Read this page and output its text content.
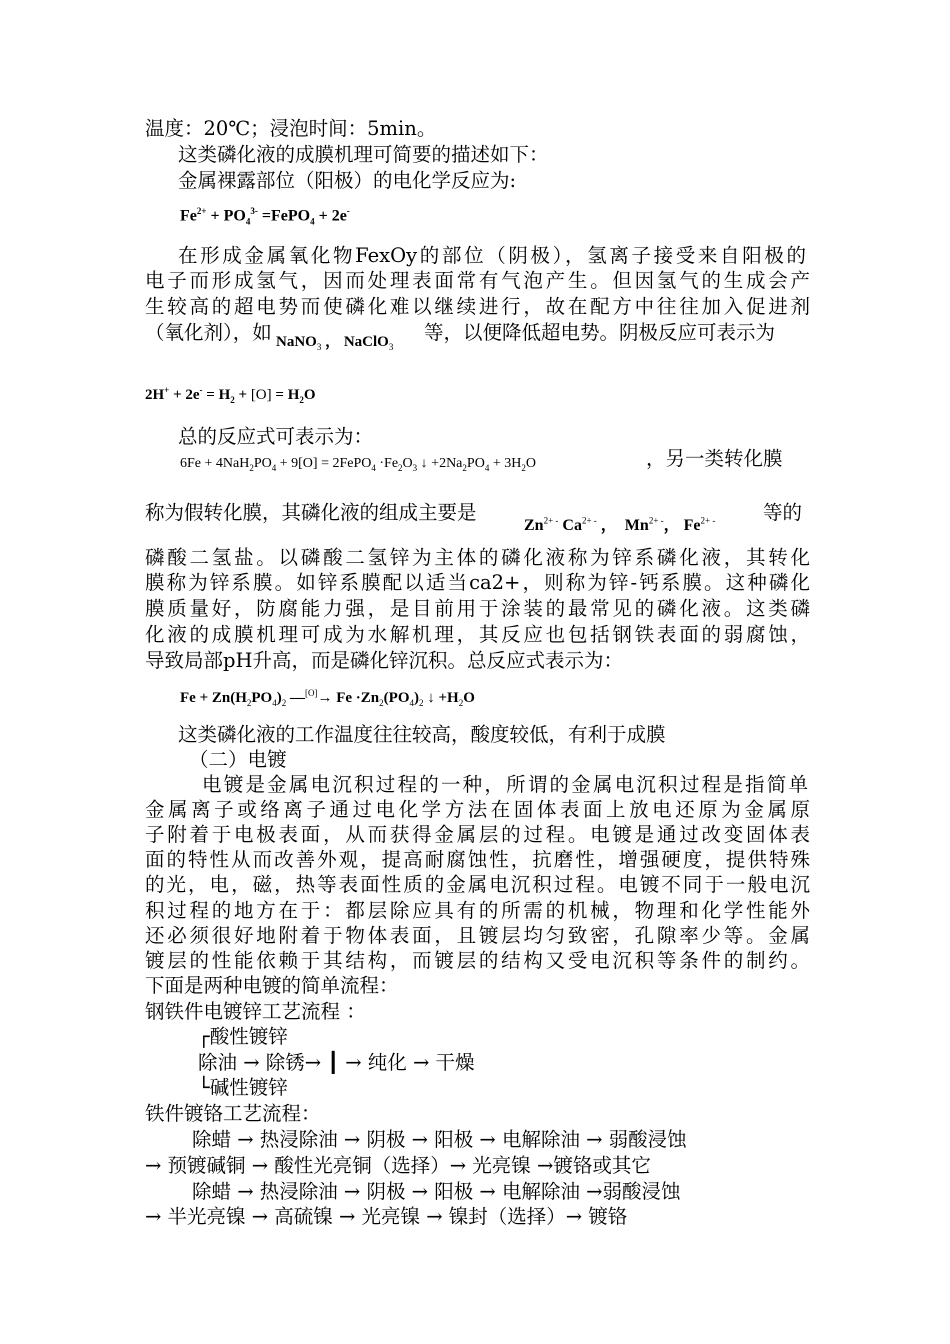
温度：20℃；浸泡时间：5min。
这类磷化液的成膜机理可简要的描述如下：
金属裸露部位（阳极）的电化学反应为:
$Fe^{2+} + PO_4^{3-}$ =FePO$_4$ + 2e-
在形成金属氧化物FexOy的部位（阴极），氢离子接受来自阳极的
电子而形成氢气，因而处理表面常有气泡产生。但因氢气的生成会产
生较高的超电势而使磷化难以继续进行，故在配方中往往加入促进剂
（氧化剂），如 NaNO$_3$ ， NaClO$_3$
等，以便降低超电势。阴极反应可表示为
$2H^+ + 2e^- = H_2 + [O] = H_2O$
总的反应式可表示为：
$6Fe + 4NaH_2PO_4 + 9[O]$ = 2FePO$_4$ $\cdot Fe_2O_3$ ↓ $+2Na_2PO_4 + 3H_2O$	，另一类转化膜
称为假转化膜，其磷化液的组成主要是
$Zn^{2+ -}$ $Ca^{2+ -}$ ，  $Mn^{2+ -}$， $Fe^{2+ -}$ 等的
磷酸二氢盐。以磷酸二氢锌为主体的磷化液称为锌系磷化液，其转化
膜称为锌系膜。如锌系膜配以适当ca2+，则称为锌-钙系膜。这种磷化
膜质量好，防腐能力强，是目前用于涂装的最常见的磷化液。这类磷
化液的成膜机理可成为水解机理，其反应也包括钢铁表面的弱腐蚀，
导致局部pH升高，而是磷化锌沉积。总反应式表示为：
$Fe + Zn(H_2PO_4)_2$ —[O]→ $Fe \cdot Zn_2(PO_4)_2$ ↓ $+H_2O$
这类磷化液的工作温度往往较高，酸度较低，有利于成膜
（二）电镀
电镀是金属电沉积过程的一种，所谓的金属电沉积过程是指简单
金属离子或络离子通过电化学方法在固体表面上放电还原为金属原
子附着于电极表面，从而获得金属层的过程。电镀是通过改变固体表
面的特性从而改善外观，提高耐腐蚀性，抗磨性，增强硬度，提供特殊
的光，电，磁，热等表面性质的金属电沉积过程。电镀不同于一般电沉
积过程的地方在于：都层除应具有的所需的机械，物理和化学性能外
还必须很好地附着于物体表面，且镀层均匀致密，孔隙率少等。金属
镀层的性能依赖于其结构，而镀层的结构又受电沉积等条件的制约。
下面是两种电镀的简单流程：
钢铁件电镀锌工艺流程 ：
┌酸性镀锌
除油 → 除锈→ ┃ → 纯化 → 干燥
└碱性镀锌
铁件镀铬工艺流程：
除蜡 → 热浸除油 → 阴极 → 阳极 → 电解除油 → 弱酸浸蚀
→ 预镀碱铜 → 酸性光亮铜（选择）→ 光亮镍 →镀铬或其它
除蜡 → 热浸除油 → 阴极 → 阳极 → 电解除油 →弱酸浸蚀
→ 半光亮镍 → 高硫镍 → 光亮镍 → 镍封（选择）→ 镀铬
